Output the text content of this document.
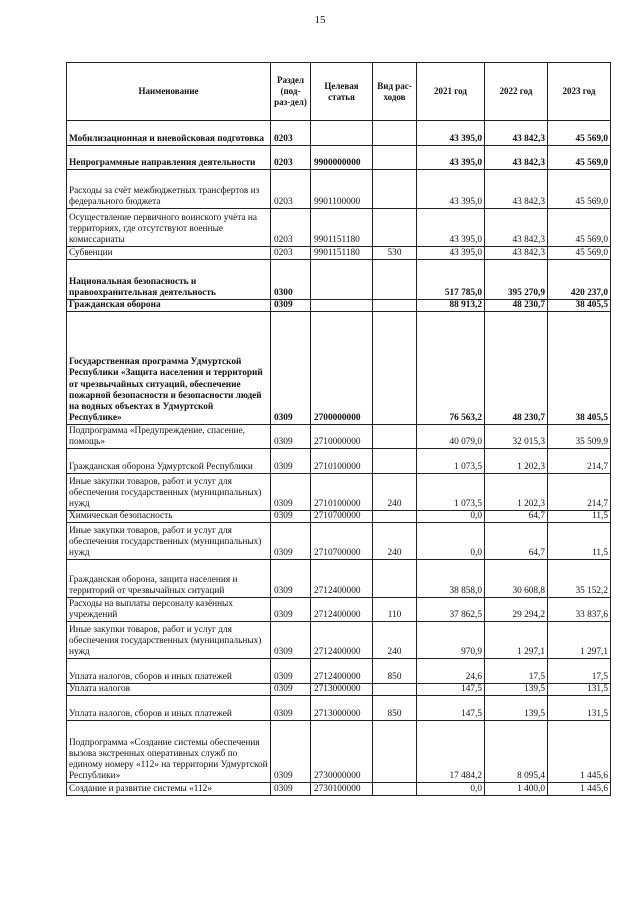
15
Наименование	Раздел (под-раз-дел)	Целевая статья	Вид рас-ходов	2021 год	2022 год	2023 год
Мобилизационная и вневойсковая подготовка	0203			43 395,0	43 842,3	45 569,0
Непрограммные направления деятельности	0203	9900000000		43 395,0	43 842,3	45 569,0
Расходы за счёт межбюджетных трансфертов из федерального бюджета	0203	9901100000		43 395,0	43 842,3	45 569,0
Осуществление первичного воинского учёта на территориях, где отсутствуют военные комиссариаты	0203	9901151180		43 395,0	43 842,3	45 569,0
Субвенции	0203	9901151180	530	43 395,0	43 842,3	45 569,0
Национальная безопасность и правоохранительная деятельность	0300			517 785,0	395 270,9	420 237,0
Гражданская оборона	0309			88 913,2	48 230,7	38 405,5
Государственная программа Удмуртской Республики «Защита населения и территорий от чрезвычайных ситуаций, обеспечение пожарной безопасности и безопасности людей на водных объектах в Удмуртской Республике»	0309	2700000000		76 563,2	48 230,7	38 405,5
Подпрограмма «Предупреждение, спасение, помощь»	0309	2710000000		40 079,0	32 015,3	35 509,9
Гражданская оборона Удмуртской Республики	0309	2710100000		1 073,5	1 202,3	214,7
Иные закупки товаров, работ и услуг для обеспечения государственных (муниципальных) нужд	0309	2710100000	240	1 073,5	1 202,3	214,7
Химическая безопасность	0309	2710700000		0,0	64,7	11,5
Иные закупки товаров, работ и услуг для обеспечения государственных (муниципальных) нужд	0309	2710700000	240	0,0	64,7	11,5
Гражданская оборона, защита населения и территорий от чрезвычайных ситуаций	0309	2712400000		38 858,0	30 608,8	35 152,2
Расходы на выплаты персоналу казённых учреждений	0309	2712400000	110	37 862,5	29 294,2	33 837,6
Иные закупки товаров, работ и услуг для обеспечения государственных (муниципальных) нужд	0309	2712400000	240	970,9	1 297,1	1 297,1
Уплата налогов, сборов и иных платежей	0309	2712400000	850	24,6	17,5	17,5
Уплата налогов	0309	2713000000		147,5	139,5	131,5
Уплата налогов, сборов и иных платежей	0309	2713000000	850	147,5	139,5	131,5
Подпрограмма «Создание системы обеспечения вызова экстренных оперативных служб по единому номеру «112» на территории Удмуртской Республики»	0309	2730000000		17 484,2	8 095,4	1 445,6
Создание и развитие системы «112»	0309	2730100000		0,0	1 400,0	1 445,6
